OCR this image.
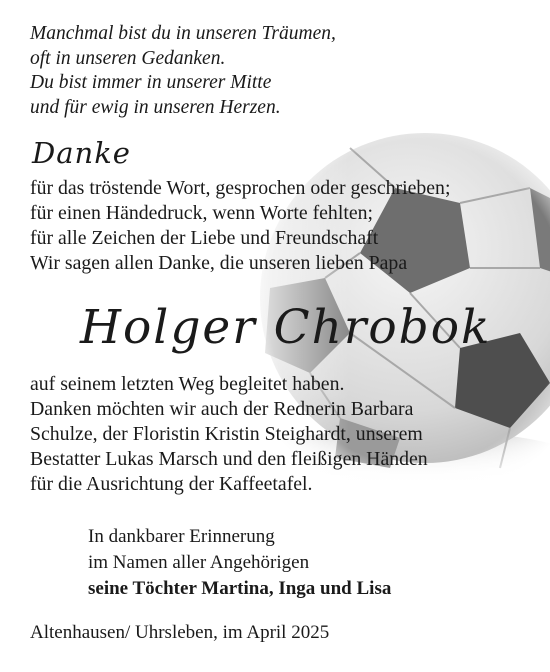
Manchmal bist du in unseren Träumen,
oft in unseren Gedanken.
Du bist immer in unserer Mitte
und für ewig in unseren Herzen.
Danke
für das tröstende Wort, gesprochen oder geschrieben;
für einen Händedruck, wenn Worte fehlten;
für alle Zeichen der Liebe und Freundschaft
Wir sagen allen Danke, die unseren lieben Papa
Holger Chrobok
auf seinem letzten Weg begleitet haben.
Danken möchten wir auch der Rednerin Barbara
Schulze, der Floristin Kristin Steighardt, unserem
Bestatter Lukas Marsch und den fleißigen Händen
für die Ausrichtung der Kaffeetafel.
In dankbarer Erinnerung
im Namen aller Angehörigen
seine Töchter Martina, Inga und Lisa
Altenhausen/ Uhrsleben, im April 2025
